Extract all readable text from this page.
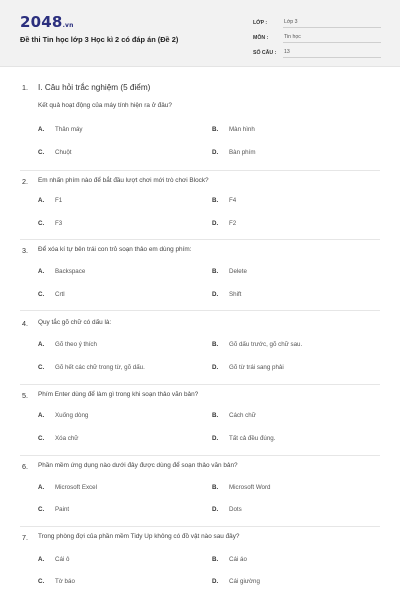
2048.vn
Đề thi Tin học lớp 3 Học kì 2 có đáp án (Đề 2)
LỚP :	Lớp 3
MÔN :	Tin học
SỐ CÂU :	13
1.	I. Câu hỏi trắc nghiệm (5 điểm)
Kết quả hoạt động của máy tính hiện ra ở đâu?
A.	Thân máy	B.	Màn hình
C.	Chuột	D.	Bàn phím
2.	Em nhấn phím nào để bắt đầu lượt chơi mới trò chơi Block?
A.	F1	B.	F4
C.	F3	D.	F2
3.	Để xóa kí tự bên trái con trỏ soạn thảo em dùng phím:
A.	Backspace	B.	Delete
C.	Crtl	D.	Shift
4.	Quy tắc gõ chữ có dấu là:
A.	Gõ theo ý thích	B.	Gõ dấu trước, gõ chữ sau.
C.	Gõ hết các chữ trong từ, gõ dấu.	D.	Gõ từ trái sang phải
5.	Phím Enter dùng để làm gì trong khi soạn thảo văn bản?
A.	Xuống dòng	B.	Cách chữ
C.	Xóa chữ	D.	Tất cả đều đúng.
6.	Phần mềm ứng dụng nào dưới đây được dùng để soạn thảo văn bản?
A.	Microsoft Excel	B.	Microsoft Word
C.	Paint	D.	Dots
7.	Trong phòng đợi của phần mềm Tidy Up không có đồ vật nào sau đây?
A.	Cái ô	B.	Cái áo
C.	Tờ báo	D.	Cái giường
